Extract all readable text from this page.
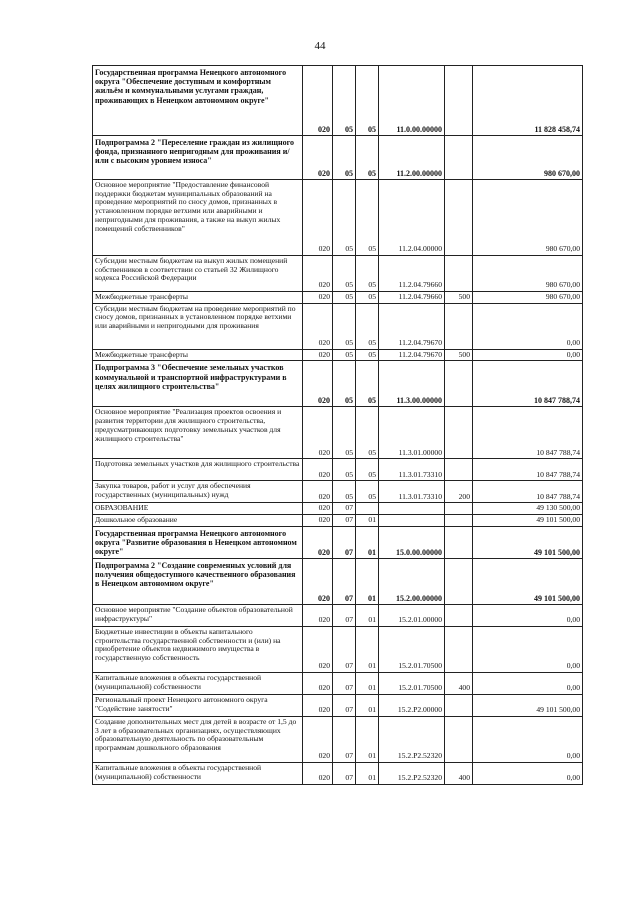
44
Государственная программа Ненецкого автономного округа "Обеспечение доступным и комфортным жильём и коммунальными услугами граждан, проживающих в Ненецком автономном округе"	020	05	05	11.0.00.00000		11 828 458,74
Подпрограмма 2 "Переселение граждан из жилищного фонда, признанного непригодным для проживания и/или с высоким уровнем износа"	020	05	05	11.2.00.00000		980 670,00
Основное мероприятие "Предоставление финансовой поддержки бюджетам муниципальных образований на проведение мероприятий по сносу домов, признанных в установленном порядке ветхими или аварийными и непригодными для проживания, а также на выкуп жилых помещений собственников"	020	05	05	11.2.04.00000		980 670,00
Субсидии местным бюджетам на выкуп жилых помещений собственников в соответствии со статьей 32 Жилищного кодекса Российской Федерации	020	05	05	11.2.04.79660		980 670,00
Межбюджетные трансферты	020	05	05	11.2.04.79660	500	980 670,00
Субсидии местным бюджетам на проведение мероприятий по сносу домов, признанных в установленном порядке ветхими или аварийными и непригодными для проживания	020	05	05	11.2.04.79670		0,00
Межбюджетные трансферты	020	05	05	11.2.04.79670	500	0,00
Подпрограмма 3 "Обеспечение земельных участков коммунальной и транспортной инфраструктурами в целях жилищного строительства"	020	05	05	11.3.00.00000		10 847 788,74
Основное мероприятие "Реализация проектов освоения и развития территории для жилищного строительства, предусматривающих подготовку земельных участков для жилищного строительства"	020	05	05	11.3.01.00000		10 847 788,74
Подготовка земельных участков для жилищного строительства	020	05	05	11.3.01.73310		10 847 788,74
Закупка товаров, работ и услуг для обеспечения государственных (муниципальных) нужд	020	05	05	11.3.01.73310	200	10 847 788,74
ОБРАЗОВАНИЕ	020	07				49 130 500,00
Дошкольное образование	020	07	01			49 101 500,00
Государственная программа Ненецкого автономного округа "Развитие образования в Ненецком автономном округе"	020	07	01	15.0.00.00000		49 101 500,00
Подпрограмма 2 "Создание современных условий для получения общедоступного качественного образования в Ненецком автономном округе"	020	07	01	15.2.00.00000		49 101 500,00
Основное мероприятие "Создание объектов образовательной инфраструктуры"	020	07	01	15.2.01.00000		0,00
Бюджетные инвестиции в объекты капитального строительства государственной собственности и (или) на приобретение объектов недвижимого имущества в государственную собственность	020	07	01	15.2.01.70500		0,00
Капитальные вложения в объекты государственной (муниципальной) собственности	020	07	01	15.2.01.70500	400	0,00
Региональный проект Ненецкого автономного округа "Содействие занятости"	020	07	01	15.2.P2.00000		49 101 500,00
Создание дополнительных мест для детей в возрасте от 1,5 до 3 лет в образовательных организациях, осуществляющих образовательную деятельность по образовательным программам дошкольного образования	020	07	01	15.2.P2.52320		0,00
Капитальные вложения в объекты государственной (муниципальной) собственности	020	07	01	15.2.P2.52320	400	0,00
